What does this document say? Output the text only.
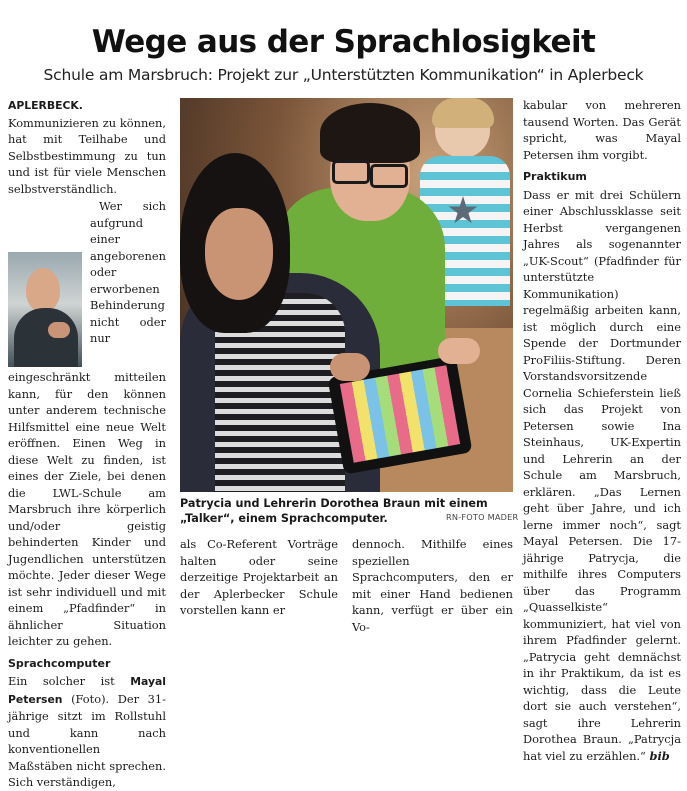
Wege aus der Sprachlosigkeit
Schule am Marsbruch: Projekt zur „Unterstützten Kommunikation“ in Aplerbeck

APLERBECK. Kommunizieren zu können, hat mit Teilhabe und Selbstbestimmung zu tun und ist für viele Menschen selbstverständlich.

Wer sich aufgrund einer angeborenen oder erworbenen Behinderung nicht oder nur eingeschränkt mitteilen kann, für den können unter anderem technische Hilfsmittel eine neue Welt eröffnen. Einen Weg in diese Welt zu finden, ist eines der Ziele, bei denen die LWL-Schule am Marsbruch ihre körperlich und/oder geistig behinderten Kinder und Jugendlichen unterstützen möchte. Jeder dieser Wege ist sehr individuell und mit einem „Pfadfinder“ in ähnlicher Situation leichter zu gehen.

Sprachcomputer

Ein solcher ist Mayal Petersen (Foto). Der 31-jährige sitzt im Rollstuhl und kann nach konventionellen Maßstäben nicht sprechen. Sich verständigen,

Patrycia und Lehrerin Dorothea Braun mit einem „Talker“, einem Sprachcomputer.	RN-FOTO MADER

als Co-Referent Vorträge halten oder seine derzeitige Projektarbeit an der Aplerbecker Schule vorstellen kann er

dennoch. Mithilfe eines speziellen Sprachcomputers, den er mit einer Hand bedienen kann, verfügt er über ein Vo-

kabular von mehreren tausend Worten. Das Gerät spricht, was Mayal Petersen ihm vorgibt.

Praktikum

Dass er mit drei Schülern einer Abschlussklasse seit Herbst vergangenen Jahres als sogenannter „UK-Scout“ (Pfadfinder für unterstützte Kommunikation) regelmäßig arbeiten kann, ist möglich durch eine Spende der Dortmunder ProFiliis-Stiftung. Deren Vorstandsvorsitzende Cornelia Schieferstein ließ sich das Projekt von Petersen sowie Ina Steinhaus, UK-Expertin und Lehrerin an der Schule am Marsbruch, erklären. „Das Lernen geht über Jahre, und ich lerne immer noch“, sagt Mayal Petersen. Die 17-jährige Patrycja, die mithilfe ihres Computers über das Programm „Quasselkiste“ kommuniziert, hat viel von ihrem Pfadfinder gelernt. „Patrycia geht demnächst in ihr Praktikum, da ist es wichtig, dass die Leute dort sie auch verstehen“, sagt ihre Lehrerin Dorothea Braun. „Patrycja hat viel zu erzählen.“ bib
